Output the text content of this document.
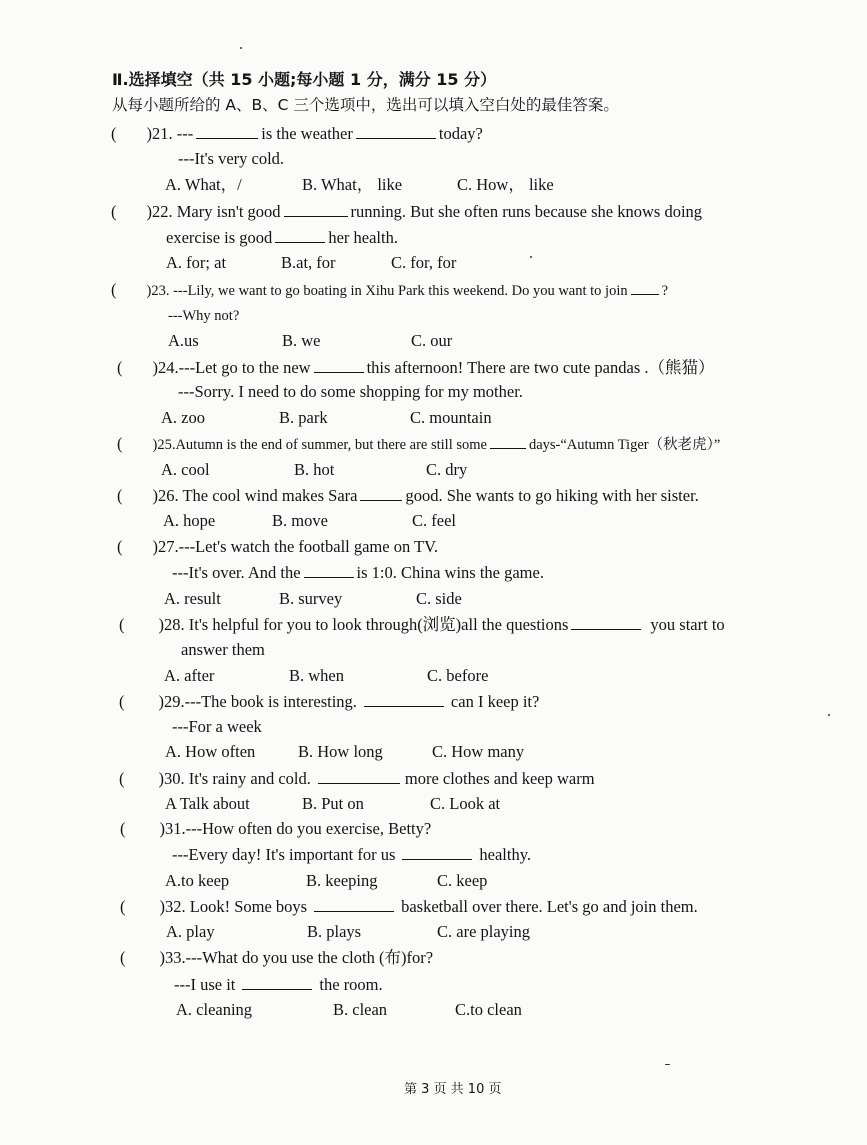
Ⅱ.选择填空（共 15 小题;每小题 1 分，满分 15 分）
从每小题所给的 A、B、C 三个选项中，选出可以填入空白处的最佳答案。
( )21. ---	is the weather	today?
---It's very cold.
A. What，/	B. What， like	C. How， like
( )22. Mary isn't good	running. But she often runs because she knows doing
exercise is good	her health.
A. for; at	B.at, for	C. for, for
( )23. ---Lily, we want to go boating in Xihu Park this weekend. Do you want to join ?
---Why not?
A.us	B. we	C. our
( )24.---Let go to the new	this afternoon! There are two cute pandas .（熊猫）
---Sorry. I need to do some shopping for my mother.
A. zoo	B. park	C. mountain
( )25.Autumn is the end of summer, but there are still some	days-“Autumn Tiger（秋老虎）”
A. cool	B. hot	C. dry
( )26. The cool wind makes Sara	good. She wants to go hiking with her sister.
A. hope	B. move	C. feel
( )27.---Let's watch the football game on TV.
---It's over. And the	is 1:0. China wins the game.
A. result	B. survey	C. side
( )28. It's helpful for you to look through(浏览)all the questions	you start to
answer them
A. after	B. when	C. before
( )29.---The book is interesting.	can I keep it?
---For a week
A. How often	B. How long	C. How many
( )30. It's rainy and cold.	more clothes and keep warm
A Talk about	B. Put on	C. Look at
( )31.---How often do you exercise, Betty?
---Every day! It's important for us	healthy.
A.to keep	B. keeping	C. keep
( )32. Look! Some boys	basketball over there. Let's go and join them.
A. play	B. plays	C. are playing
( )33.---What do you use the cloth (布)for?
---I use it	the room.
A. cleaning	B. clean	C.to clean
第 3 页 共 10 页
